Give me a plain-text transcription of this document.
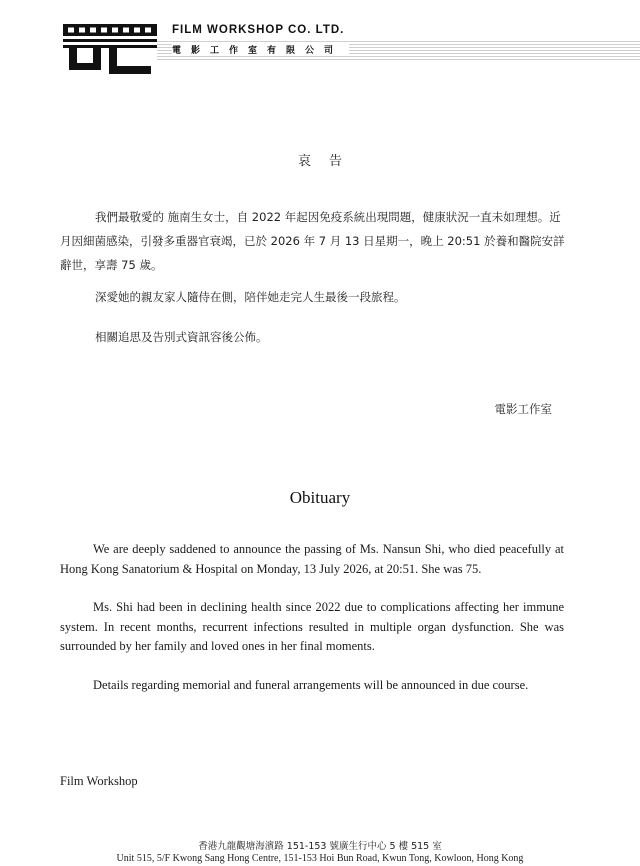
FILM WORKSHOP CO. LTD.
電影工作室有限公司
哀告
我們最敬愛的 施南生女士，自 2022 年起因免疫系統出現問題，健康狀況一直未如理想。近月因細菌感染，引發多重器官衰竭，已於 2026 年 7 月 13 日星期一，晚上 20:51 於養和醫院安詳辭世，享壽 75 歲。
深愛她的親友家人隨侍在側，陪伴她走完人生最後一段旅程。
相關追思及告別式資訊容後公佈。
電影工作室
Obituary
We are deeply saddened to announce the passing of Ms. Nansun Shi, who died peacefully at Hong Kong Sanatorium & Hospital on Monday, 13 July 2026, at 20:51. She was 75.
Ms. Shi had been in declining health since 2022 due to complications affecting her immune system. In recent months, recurrent infections resulted in multiple organ dysfunction. She was surrounded by her family and loved ones in her final moments.
Details regarding memorial and funeral arrangements will be announced in due course.
Film Workshop
香港九龍觀塘海濱路 151-153 號廣生行中心 5 樓 515 室
Unit 515, 5/F Kwong Sang Hong Centre, 151-153 Hoi Bun Road, Kwun Tong, Kowloon, Hong Kong
